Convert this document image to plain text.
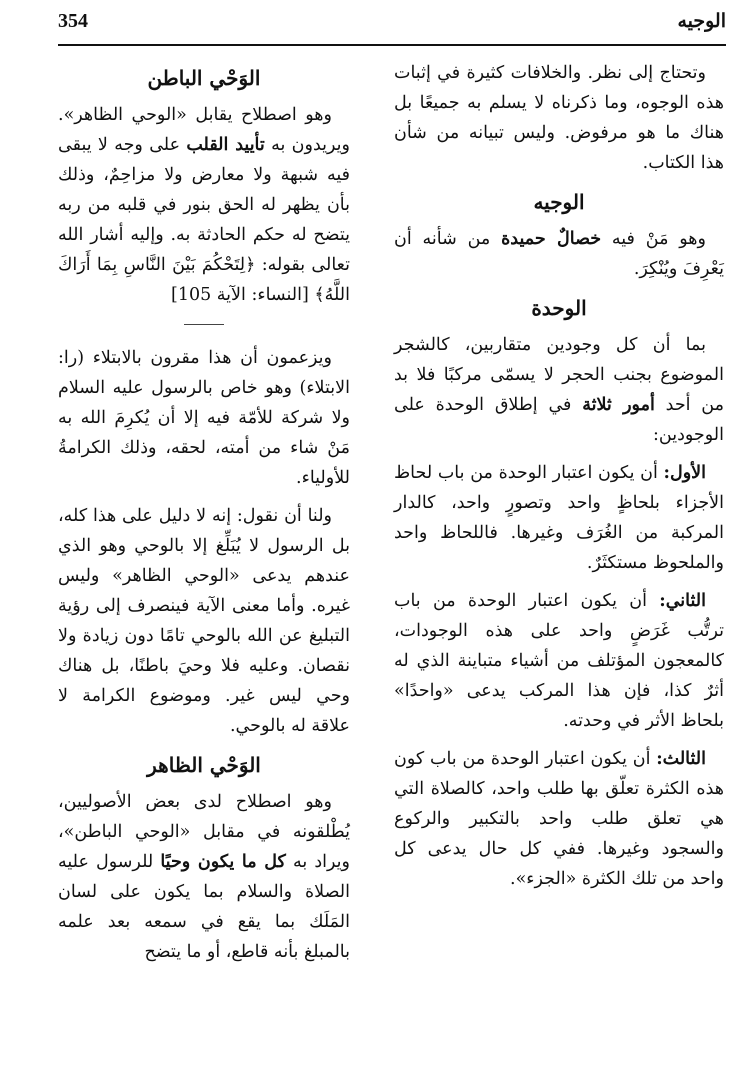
354	الوجيه

وتحتاج إلى نظر. والخلافات كثيرة في إثبات هذه الوجوه، وما ذكرناه لا يسلم به جميعًا بل هناك ما هو مرفوض. وليس تبيانه من شأن هذا الكتاب.

الوجيه

وهو مَنْ فيه خصالٌ حميدة من شأنه أن يَعْرِفَ ويُنْكِرَ.

الوحدة

بما أن كل وجودين متقاربين، كالشجر الموضوع بجنب الحجر لا يسمّى مركبًا فلا بد من أحد أمور ثلاثة في إطلاق الوحدة على الوجودين:

الأول: أن يكون اعتبار الوحدة من باب لحاظ الأجزاء بلحاظٍ واحد وتصورٍ واحد، كالدار المركبة من الغُرَف وغيرها. فاللحاظ واحد والملحوظ مستكثَرٌ.

الثاني: أن يكون اعتبار الوحدة من باب ترتُّب غَرَضٍ واحد على هذه الوجودات، كالمعجون المؤتلف من أشياء متباينة الذي له أثرٌ كذا، فإن هذا المركب يدعى «واحدًا» بلحاظ الأثر في وحدته.

الثالث: أن يكون اعتبار الوحدة من باب كون هذه الكثرة تعلّق بها طلب واحد، كالصلاة التي هي تعلق طلب واحد بالتكبير والركوع والسجود وغيرها. ففي كل حال يدعى كل واحد من تلك الكثرة «الجزء».

الوَحْي الباطن

وهو اصطلاح يقابل «الوحي الظاهر». ويريدون به تأييد القلب على وجه لا يبقى فيه شبهة ولا معارض ولا مزاحِمٌ، وذلك بأن يظهر له الحق بنور في قلبه من ربه يتضح له حكم الحادثة به. وإليه أشار الله تعالى بقوله: ﴿لِتَحْكُمَ بَيْنَ النَّاسِ بِمَا أَرَاكَ اللَّهُ﴾ [النساء: الآية 105]

ويزعمون أن هذا مقرون بالابتلاء (را: الابتلاء) وهو خاص بالرسول عليه السلام ولا شركة للأمّة فيه إلا أن يُكرِمَ الله به مَنْ شاء من أمته، لحقه، وذلك الكرامةُ للأولياء.

ولنا أن نقول: إنه لا دليل على هذا كله، بل الرسول لا يُبَلِّغ إلا بالوحي وهو الذي عندهم يدعى «الوحي الظاهر» وليس غيره. وأما معنى الآية فينصرف إلى رؤية التبليغ عن الله بالوحي تامًا دون زيادة ولا نقصان. وعليه فلا وحيَ باطنًا، بل هناك وحي ليس غير. وموضوع الكرامة لا علاقة له بالوحي.

الوَحْي الظاهر

وهو اصطلاح لدى بعض الأصوليين، يُطْلقونه في مقابل «الوحي الباطن»، ويراد به كل ما يكون وحيًا للرسول عليه الصلاة والسلام بما يكون على لسان المَلَك بما يقع في سمعه بعد علمه بالمبلغ بأنه قاطع، أو ما يتضح
